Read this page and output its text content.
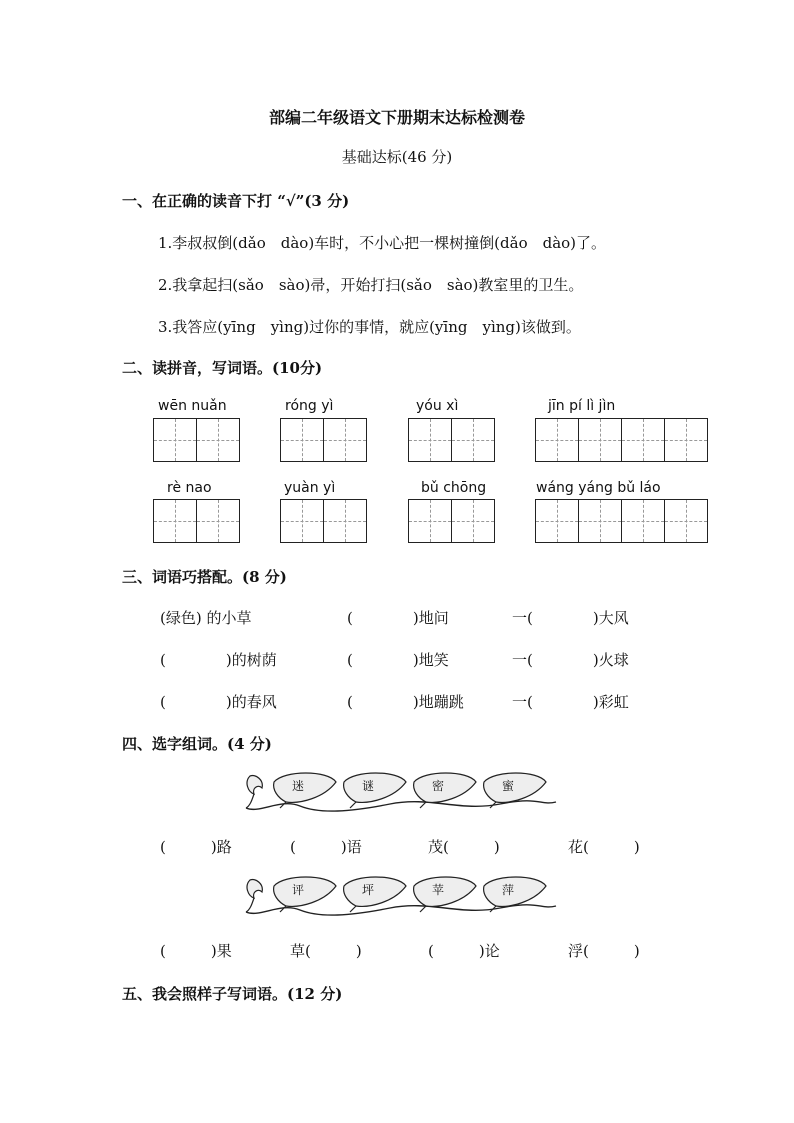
部编二年级语文下册期末达标检测卷
基础达标(46 分)
一、在正确的读音下打 “√”(3 分)
1.李叔叔倒(dǎo　dào)车时，不小心把一棵树撞倒(dǎo　dào)了。
2.我拿起扫(sǎo　sào)帚，开始打扫(sǎo　sào)教室里的卫生。
3.我答应(yīng　yìng)过你的事情，就应(yīng　yìng)该做到。
二、读拼音，写词语。(10分)
wēn nuǎn	róng yì	yóu xì	jīn pí lì jìn
rè nao	yuàn yì	bǔ chōng	wáng yáng bǔ láo
三、词语巧搭配。(8 分)
(绿色) 的小草	(　　　　)地问	一(　　　　)大风
(　　　　)的树荫	(　　　　)地笑	一(　　　　)火球
(　　　　)的春风	(　　　　)地蹦跳	一(　　　　)彩虹
四、选字组词。(4 分)
迷	谜	密	蜜
(　　　)路	(　　　)语	茂(　　　)	花(　　　)
评	坪	苹	萍
(　　　)果	草(　　　)	(　　　)论	浮(　　　)
五、我会照样子写词语。(12 分)
